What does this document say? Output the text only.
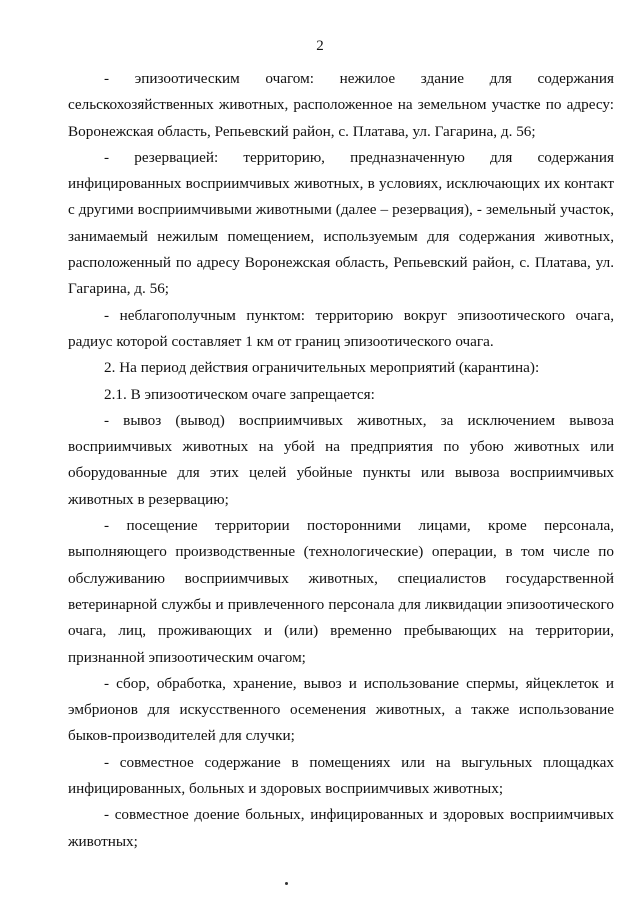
2

- эпизоотическим очагом: нежилое здание для содержания сельскохозяйственных животных, расположенное на земельном участке по адресу: Воронежская область, Репьевский район, с. Платава, ул. Гагарина, д. 56;

- резервацией: территорию, предназначенную для содержания инфицированных восприимчивых животных, в условиях, исключающих их контакт с другими восприимчивыми животными (далее – резервация), - земельный участок, занимаемый нежилым помещением, используемым для содержания животных, расположенный по адресу Воронежская область, Репьевский район, с. Платава, ул. Гагарина, д. 56;

- неблагополучным пунктом: территорию вокруг эпизоотического очага, радиус которой составляет 1 км от границ эпизоотического очага.

2. На период действия ограничительных мероприятий (карантина):

2.1. В эпизоотическом очаге запрещается:

- вывоз (вывод) восприимчивых животных, за исключением вывоза восприимчивых животных на убой на предприятия по убою животных или оборудованные для этих целей убойные пункты или вывоза восприимчивых животных в резервацию;

- посещение территории посторонними лицами, кроме персонала, выполняющего производственные (технологические) операции, в том числе по обслуживанию восприимчивых животных, специалистов государственной ветеринарной службы и привлеченного персонала для ликвидации эпизоотического очага, лиц, проживающих и (или) временно пребывающих на территории, признанной эпизоотическим очагом;

- сбор, обработка, хранение, вывоз и использование спермы, яйцеклеток и эмбрионов для искусственного осеменения животных, а также использование быков-производителей для случки;

- совместное содержание в помещениях или на выгульных площадках инфицированных, больных и здоровых восприимчивых животных;

- совместное доение больных, инфицированных и здоровых восприимчивых животных;
